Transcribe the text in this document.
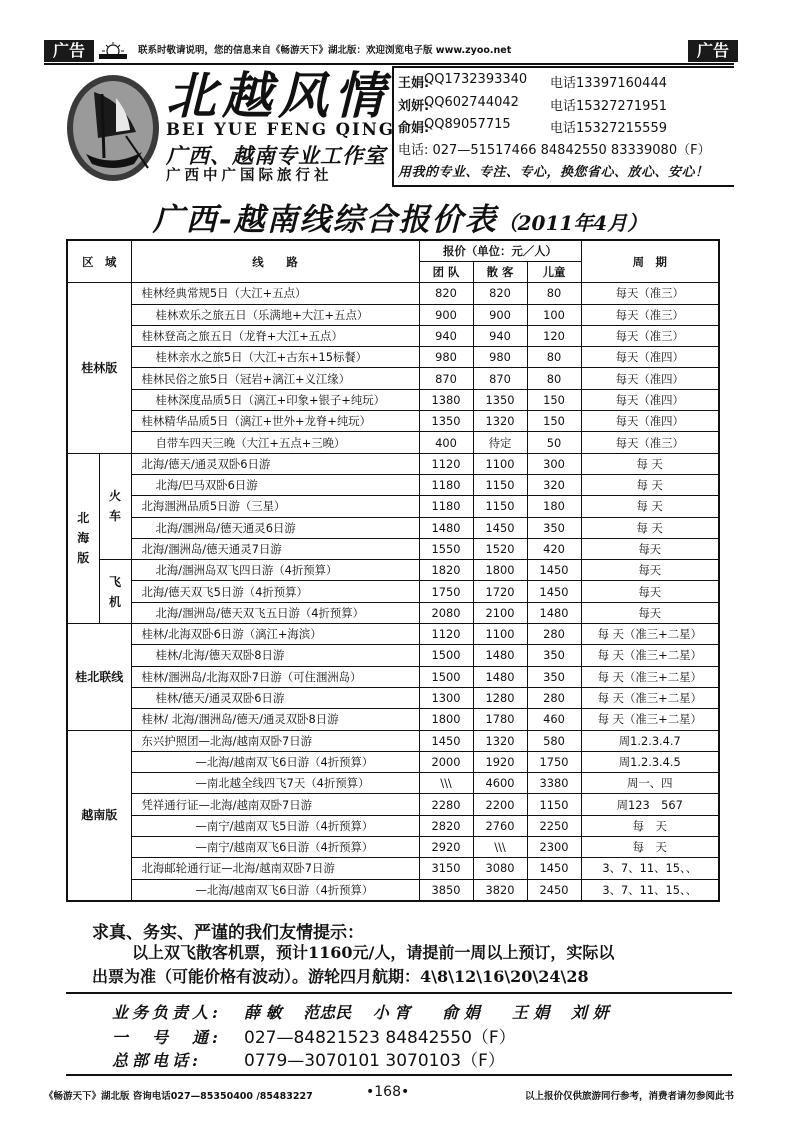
广告	联系时敬请说明，您的信息来自《畅游天下》湖北版：欢迎浏览电子版 www.zyoo.net	广告
北越风情
BEI YUE FENG QING
广西、越南专业工作室
广西中广国际旅行社
王娟:
QQ1732393340 电话13397160444
刘妍:
QQ602744042 电话15327271951
俞娟:
QQ89057715	电话15327215559
电话: 027—51517466 84842550 83339080（F）
用我的专业、专注、专心，换您省心、放心、安心！
广西-越南线综合报价表（2011年4月）
区　域		线　　路	报价（单位：元／人）			周　期
			团 队	散 客	儿童	
桂林版		桂林经典常规5日（大江+五点）	820	820	80	每天（准三）
		桂林欢乐之旅五日（乐满地+大江+五点）	900	900	100	每天（准三）
		桂林登高之旅五日（龙脊+大江+五点）	940	940	120	每天（准三）
		桂林亲水之旅5日（大江+古东+15标餐）	980	980	80	每天（准四）
		桂林民俗之旅5日（冠岩+漓江+义江缘）	870	870	80	每天（准四）
		桂林深度品质5日（漓江+印象+银子+纯玩）	1380	1350	150	每天（准四）
		桂林精华品质5日（漓江+世外+龙脊+纯玩）	1350	1320	150	每天（准四）
		自带车四天三晚（大江+五点+三晚）	400	待定	50	每天（准三）
北海版	火车	北海/德天/通灵双卧6日游	1120	1100	300	每 天
		北海/巴马双卧6日游	1180	1150	320	每 天
		北海涠洲品质5日游（三星）	1180	1150	180	每 天
		北海/涠洲岛/德天通灵6日游	1480	1450	350	每 天
		北海/涠洲岛/德天通灵7日游	1550	1520	420	每天
	飞机	北海/涠洲岛双飞四日游（4折预算）	1820	1800	1450	每天
		北海/德天双飞5日游（4折预算）	1750	1720	1450	每天
		北海/涠洲岛/德天双飞五日游（4折预算）	2080	2100	1480	每天
桂北联线		桂林/北海双卧6日游（漓江+海滨）	1120	1100	280	每 天（准三+二星）
		桂林/北海/德天双卧8日游	1500	1480	350	每 天（准三+二星）
		桂林/涠洲岛/北海双卧7日游（可住涠洲岛）	1500	1480	350	每 天（准三+二星）
		桂林/德天/通灵双卧6日游	1300	1280	280	每 天（准三+二星）
		桂林/ 北海/涠洲岛/德天/通灵双卧8日游	1800	1780	460	每 天（准三+二星）
越南版		东兴护照团—北海/越南双卧7日游	1450	1320	580	周1.2.3.4.7
		—北海/越南双飞6日游（4折预算）	2000	1920	1750	周1.2.3.4.5
		—南北越全线四飞7天（4折预算）	\\\	4600	3380	周一、四
		凭祥通行证—北海/越南双卧7日游	2280	2200	1150	周123　567
		—南宁/越南双飞5日游（4折预算）	2820	2760	2250	每　天
		—南宁/越南双飞6日游（4折预算）	2920	\\\	2300	每　天
		北海邮轮通行证—北海/越南双卧7日游	3150	3080	1450	3、7、11、15、、
		—北海/越南双飞6日游（4折预算）	3850	3820	2450	3、7、11、15、、
求真、务实、严谨的我们友情提示：
以上双飞散客机票，预计1160元/人，请提前一周以上预订，实际以
出票为准（可能价格有波动）。游轮四月航期：4\8\12\16\20\24\28
业务负责人: 薛 敏　 范忠民　 小 宵　　俞 娟　　王 娟　 刘 妍
一　号　通: 027—84821523 84842550（F）
总部电话: 0779—3070101 3070103（F）
《畅游天下》湖北版 咨询电话027—85350400 /85483227	•168•	以上报价仅供旅游同行参考，消费者请勿参阅此书
